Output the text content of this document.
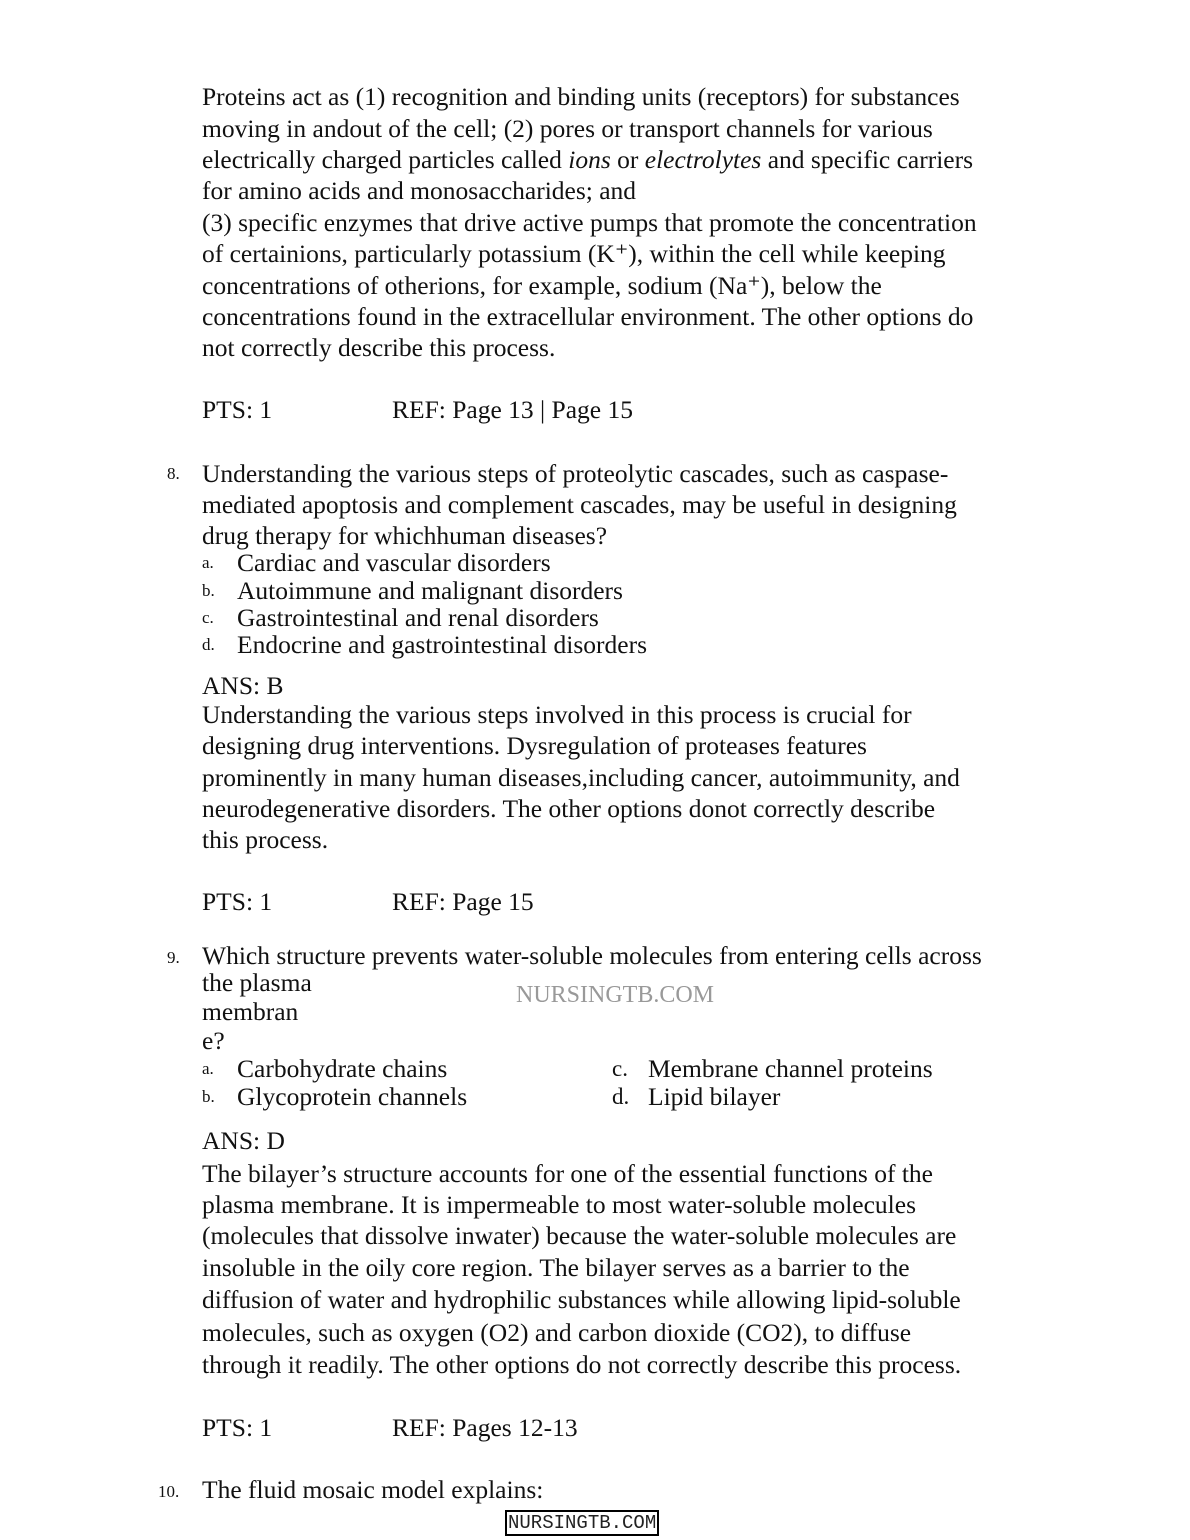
Proteins act as (1) recognition and binding units (receptors) for substances
moving in andout of the cell; (2) pores or transport channels for various
electrically charged particles called ions or electrolytes and specific carriers
for amino acids and monosaccharides; and
(3) specific enzymes that drive active pumps that promote the concentration
of certainions, particularly potassium (K⁺), within the cell while keeping
concentrations of otherions, for example, sodium (Na⁺), below the
concentrations found in the extracellular environment. The other options do
not correctly describe this process.
PTS: 1	REF: Page 13 | Page 15
8. Understanding the various steps of proteolytic cascades, such as caspase-
mediated apoptosis and complement cascades, may be useful in designing
drug therapy for whichhuman diseases?
a. Cardiac and vascular disorders
b. Autoimmune and malignant disorders
c. Gastrointestinal and renal disorders
d. Endocrine and gastrointestinal disorders
ANS: B
Understanding the various steps involved in this process is crucial for
designing drug interventions. Dysregulation of proteases features
prominently in many human diseases,including cancer, autoimmunity, and
neurodegenerative disorders. The other options donot correctly describe
this process.
PTS: 1	REF: Page 15
9. Which structure prevents water-soluble molecules from entering cells across
the plasma
membran
e?
NURSINGTB.COM
a. Carbohydrate chains
b. Glycoprotein channels
c. Membrane channel proteins
d. Lipid bilayer
ANS: D
The bilayer’s structure accounts for one of the essential functions of the
plasma membrane. It is impermeable to most water-soluble molecules
(molecules that dissolve inwater) because the water-soluble molecules are
insoluble in the oily core region. The bilayer serves as a barrier to the
diffusion of water and hydrophilic substances while allowing lipid-soluble
molecules, such as oxygen (O2) and carbon dioxide (CO2), to diffuse
through it readily. The other options do not correctly describe this process.
PTS: 1	REF: Pages 12-13
10. The fluid mosaic model explains:
NURSINGTB.COM
